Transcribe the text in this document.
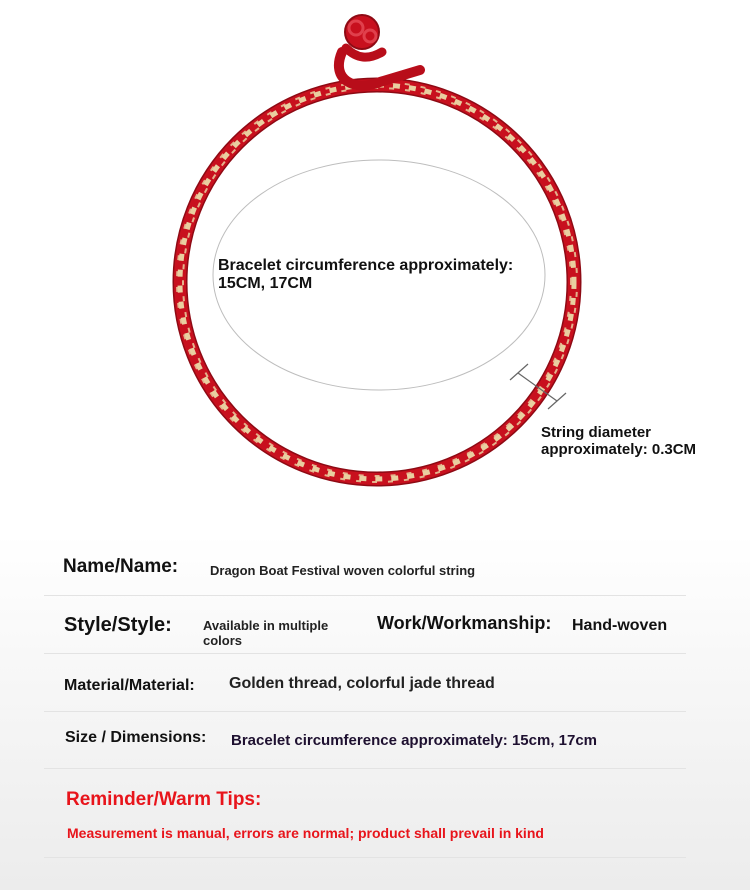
Bracelet circumference approximately:
15CM, 17CM
String diameter
approximately: 0.3CM
Name/Name: Dragon Boat Festival woven colorful string
Style/Style: Available in multiple colors
Work/Workmanship: Hand-woven
Material/Material: Golden thread, colorful jade thread
Size / Dimensions: Bracelet circumference approximately: 15cm, 17cm
Reminder/Warm Tips:
Measurement is manual, errors are normal; product shall prevail in kind
